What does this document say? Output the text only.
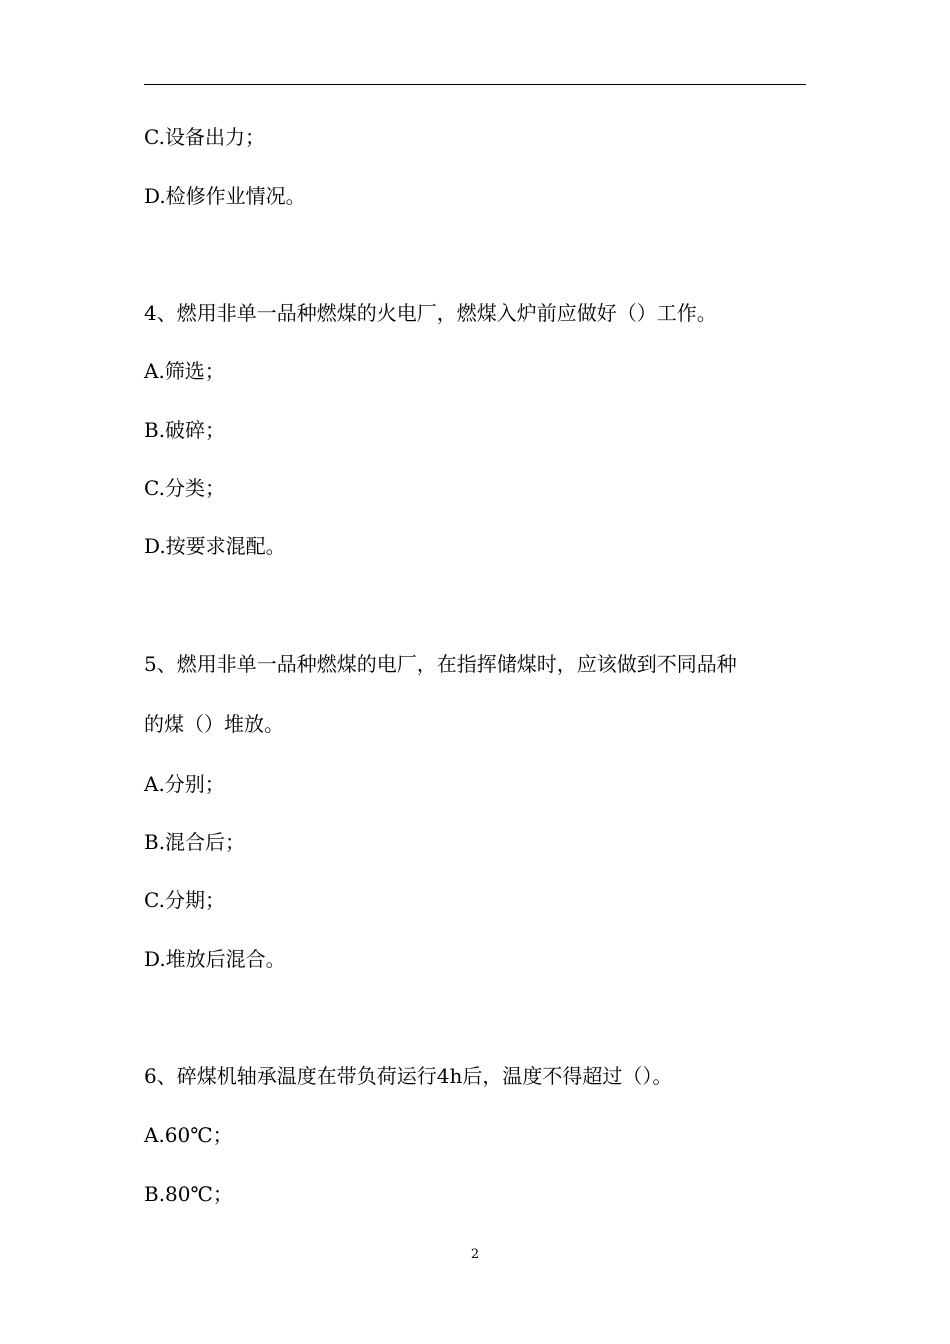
C.设备出力；
D.检修作业情况。
4、燃用非单一品种燃煤的火电厂，燃煤入炉前应做好（）工作。
A.筛选；
B.破碎；
C.分类；
D.按要求混配。
5、燃用非单一品种燃煤的电厂，在指挥储煤时，应该做到不同品种
的煤（）堆放。
A.分别；
B.混合后；
C.分期；
D.堆放后混合。
6、碎煤机轴承温度在带负荷运行4h后，温度不得超过（）。
A.60℃；
B.80℃；
2
